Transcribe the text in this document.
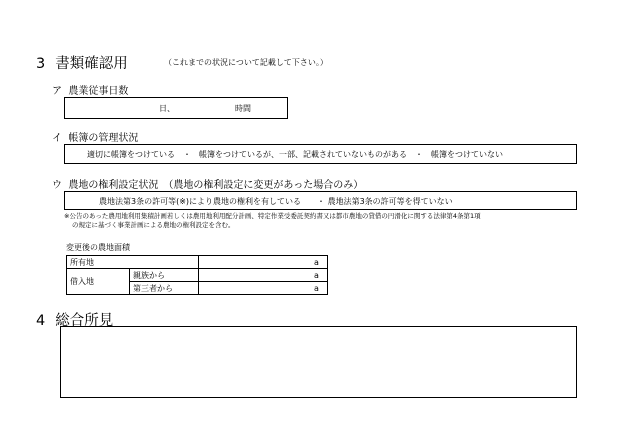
3 書類確認用	（これまでの状況について記載して下さい。）
ア 農業従事日数
日、	時間
イ 帳簿の管理状況
適切に帳簿をつけている　・　帳簿をつけているが、一部、記載されていないものがある　・　帳簿をつけていない
ウ 農地の権利設定状況　（農地の権利設定に変更があった場合のみ）
農地法第3条の許可等(※)により農地の権利を有している　　・ 農地法第3条の許可等を得ていない
※公告のあった農用地利用集積計画若しくは農用地利用配分計画、特定作業受委託契約書又は都市農地の貸借の円滑化に関する法律第4条第1項
の規定に基づく事業計画による農地の権利設定を含む。
変更後の農地面積
所有地		a
借入地	親族から	a
	第三者から	a
4 総合所見
